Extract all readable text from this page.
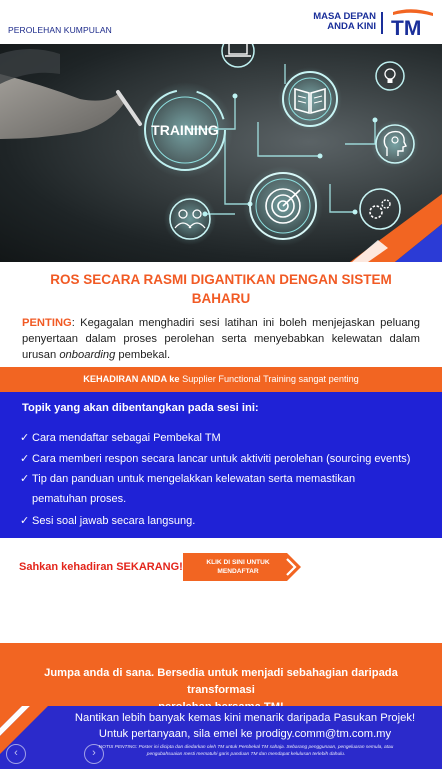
PEROLEHAN KUMPULAN
MASA DEPAN
ANDA KINI TM
TRAINING
ROS SECARA RASMI DIGANTIKAN DENGAN SISTEM BAHARU
PENTING: Kegagalan menghadiri sesi latihan ini boleh menjejaskan peluang penyertaan dalam proses perolehan serta menyebabkan kelewatan dalam urusan onboarding pembekal.
KEHADIRAN ANDA ke Supplier Functional Training sangat penting
Topik yang akan dibentangkan pada sesi ini:
✓ Cara mendaftar sebagai Pembekal TM
✓ Cara memberi respon secara lancar untuk aktiviti perolehan (sourcing events)
✓ Tip dan panduan untuk mengelakkan kelewatan serta memastikan
pematuhan proses.
✓ Sesi soal jawab secara langsung.
Sahkan kehadiran SEKARANG!	KLIK DI SINI UNTUK
MENDAFTAR
Jumpa anda di sana. Bersedia untuk menjadi sebahagian daripada transformasi
Nantikan lebih banyak kemas kini menarik daripada Pasukan Projek!
Untuk pertanyaan, sila emel ke prodigy.comm@tm.com.my
NOTIS PENTING: Poster ini dicipta dan diedarkan oleh TM untuk Pembekal TM sahaja. Sebarang penggunaan, pengeluaran semula, atau
pengubahsuaian mesti mematuhi garis panduan TM dan mendapat kelulusan terlebih dahulu.
‹	›
